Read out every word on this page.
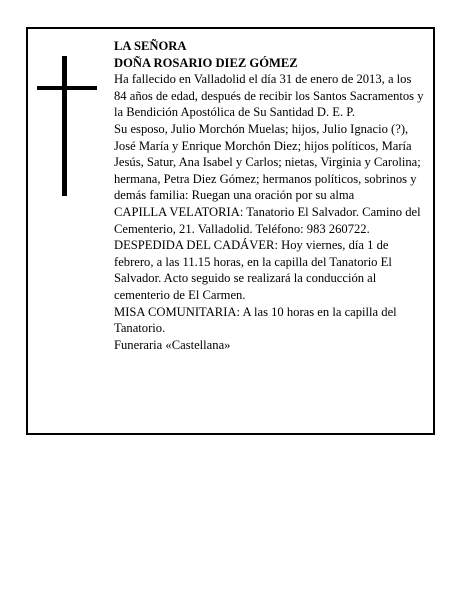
LA SEÑORA

DOÑA ROSARIO DIEZ GÓMEZ

Ha fallecido en Valladolid el día 31 de enero de 2013, a los 84 años de edad, después de recibir los Santos Sacramentos y la Bendición Apostólica de Su Santidad D. E. P.

Su esposo, Julio Morchón Muelas; hijos, Julio Ignacio (?), José María y Enrique Morchón Diez; hijos políticos, María Jesús, Satur, Ana Isabel y Carlos; nietas, Virginia y Carolina; hermana, Petra Diez Gómez; hermanos políticos, sobrinos y demás familia: Ruegan una oración por su alma

CAPILLA VELATORIA: Tanatorio El Salvador. Camino del Cementerio, 21. Valladolid. Teléfono: 983 260722.

DESPEDIDA DEL CADÁVER: Hoy viernes, día 1 de febrero, a las 11.15 horas, en la capilla del Tanatorio El Salvador. Acto seguido se realizará la conducción al cementerio de El Carmen.

MISA COMUNITARIA: A las 10 horas en la capilla del Tanatorio.

Funeraria «Castellana»
